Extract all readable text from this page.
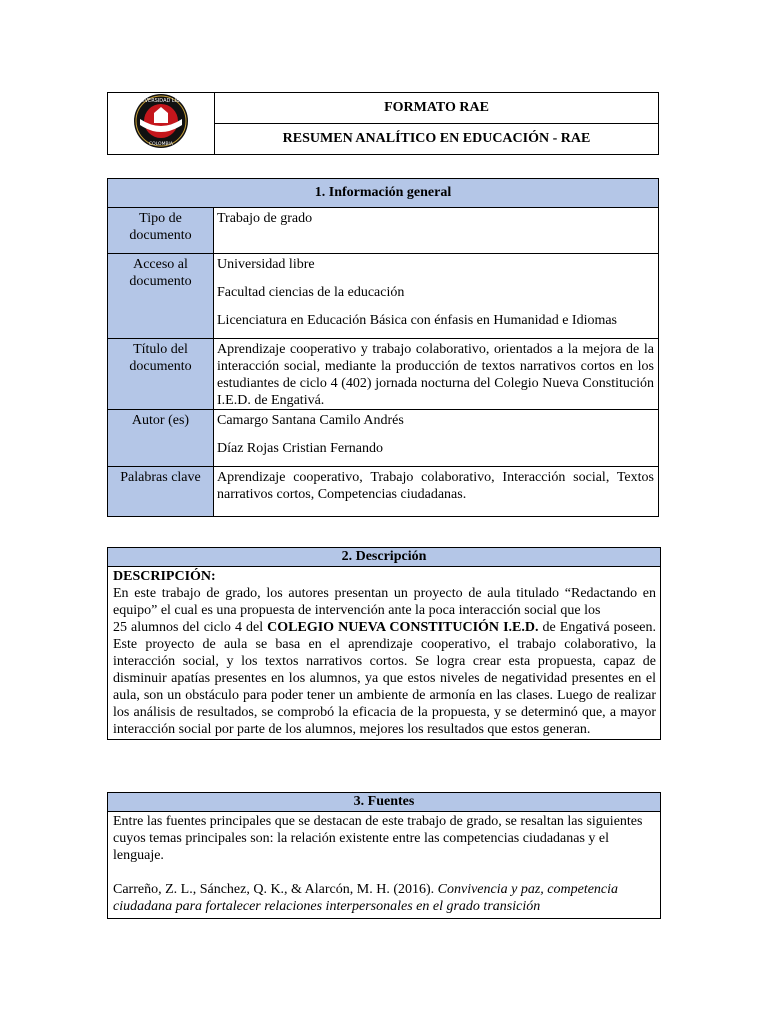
UNIVERSIDAD LIBRE
COLOMBIA
	FORMATO RAE
RESUMEN ANALÍTICO EN EDUCACIÓN - RAE
1. Información general	
Tipo de documento	Trabajo de grado

Acceso al documento	Universidad libre

Facultad ciencias de la educación

Licenciatura en Educación Básica con énfasis en Humanidad e Idiomas

Título del documento	Aprendizaje cooperativo y trabajo colaborativo, orientados a la mejora de la interacción social, mediante la producción de textos narrativos cortos en los estudiantes de ciclo 4 (402) jornada nocturna del Colegio Nueva Constitución I.E.D. de Engativá.

Autor (es)	Camargo Santana Camilo Andrés

Díaz Rojas Cristian Fernando

Palabras clave	Aprendizaje cooperativo, Trabajo colaborativo, Interacción social, Textos narrativos cortos, Competencias ciudadanas.

2. Descripción

DESCRIPCIÓN:
En este trabajo de grado, los autores presentan un proyecto de aula titulado “Redactando en equipo” el cual es una propuesta de intervención ante la poca interacción social que los
25 alumnos del ciclo 4 del COLEGIO NUEVA CONSTITUCIÓN I.E.D. de Engativá poseen. Este proyecto de aula se basa en el aprendizaje cooperativo, el trabajo colaborativo, la interacción social, y los textos narrativos cortos. Se logra crear esta propuesta, capaz de disminuir apatías presentes en los alumnos, ya que estos niveles de negatividad presentes en el aula, son un obstáculo para poder tener un ambiente de armonía en las clases. Luego de realizar los análisis de resultados, se comprobó la eficacia de la propuesta, y se determinó que, a mayor interacción social por parte de los alumnos, mejores los resultados que estos generan.
3. Fuentes

Entre las fuentes principales que se destacan de este trabajo de grado, se resaltan las siguientes cuyos temas principales son: la relación existente entre las competencias ciudadanas y el lenguaje.

Carreño, Z. L., Sánchez, Q. K., & Alarcón, M. H. (2016). Convivencia y paz, competencia ciudadana para fortalecer relaciones interpersonales en el grado transición
